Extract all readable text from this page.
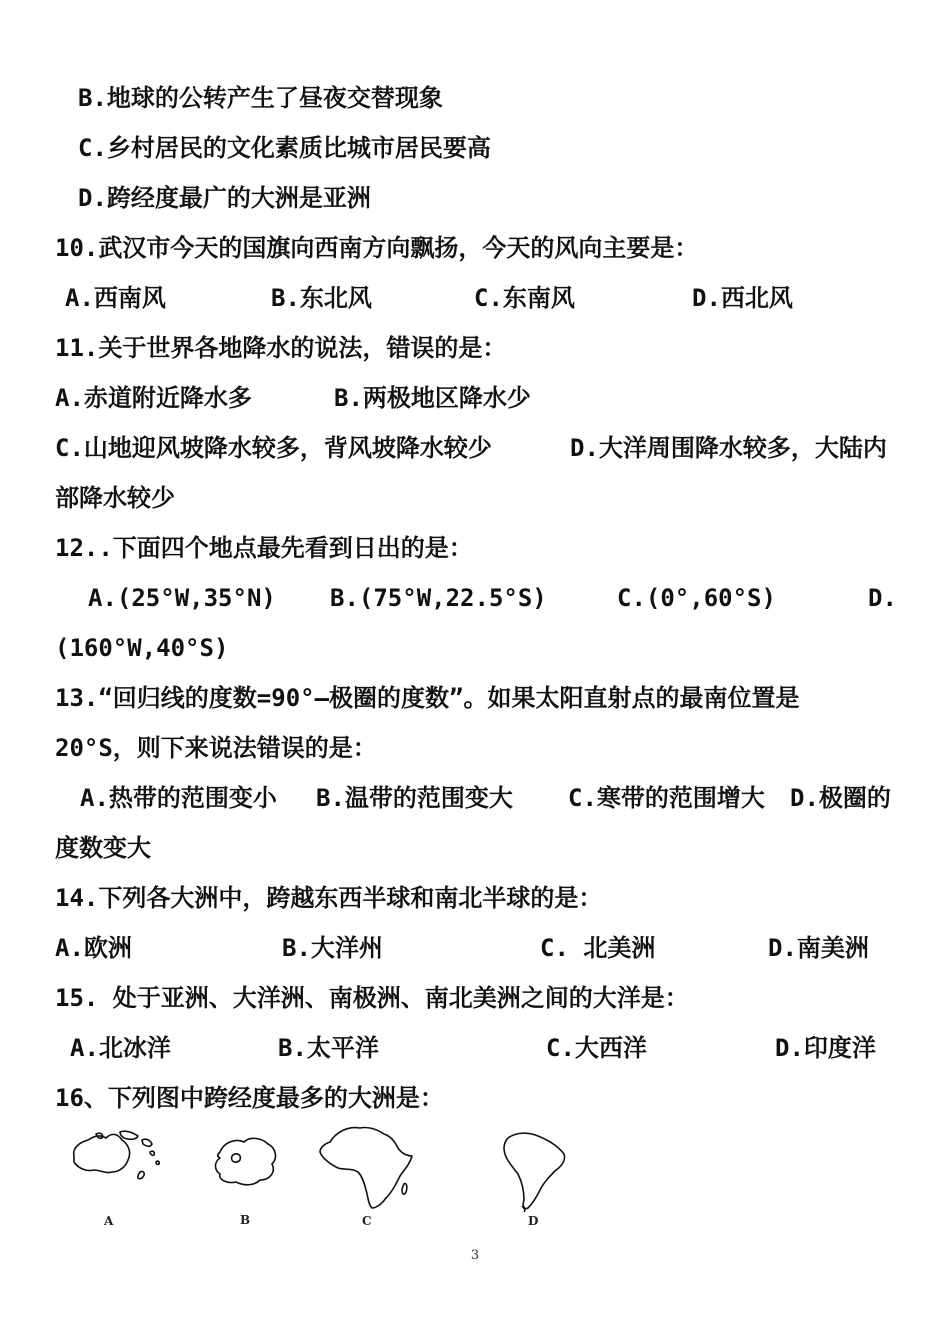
B.地球的公转产生了昼夜交替现象
C.乡村居民的文化素质比城市居民要高
D.跨经度最广的大洲是亚洲
10.武汉市今天的国旗向西南方向飘扬，今天的风向主要是：
A.西南风	B.东北风	C.东南风	D.西北风
11.关于世界各地降水的说法，错误的是：
A.赤道附近降水多	B.两极地区降水少
C.山地迎风坡降水较多，背风坡降水较少	D.大洋周围降水较多，大陆内
部降水较少
12..下面四个地点最先看到日出的是：
A.(25°W,35°N) B.(75°W,22.5°S)	C.(0°,60°S)	D.
(160°W,40°S)
13.“回归线的度数=90°—极圈的度数”。如果太阳直射点的最南位置是
20°S，则下来说法错误的是：
A.热带的范围变小 B.温带的范围变大 C.寒带的范围增大 D.极圈的
度数变大
14.下列各大洲中，跨越东西半球和南北半球的是：
A.欧洲	B.大洋州	C. 北美洲	D.南美洲
15. 处于亚洲、大洋洲、南极洲、南北美洲之间的大洋是：
A.北冰洋	B.太平洋	C.大西洋	D.印度洋
16、下列图中跨经度最多的大洲是：
A	B	C	D
3
